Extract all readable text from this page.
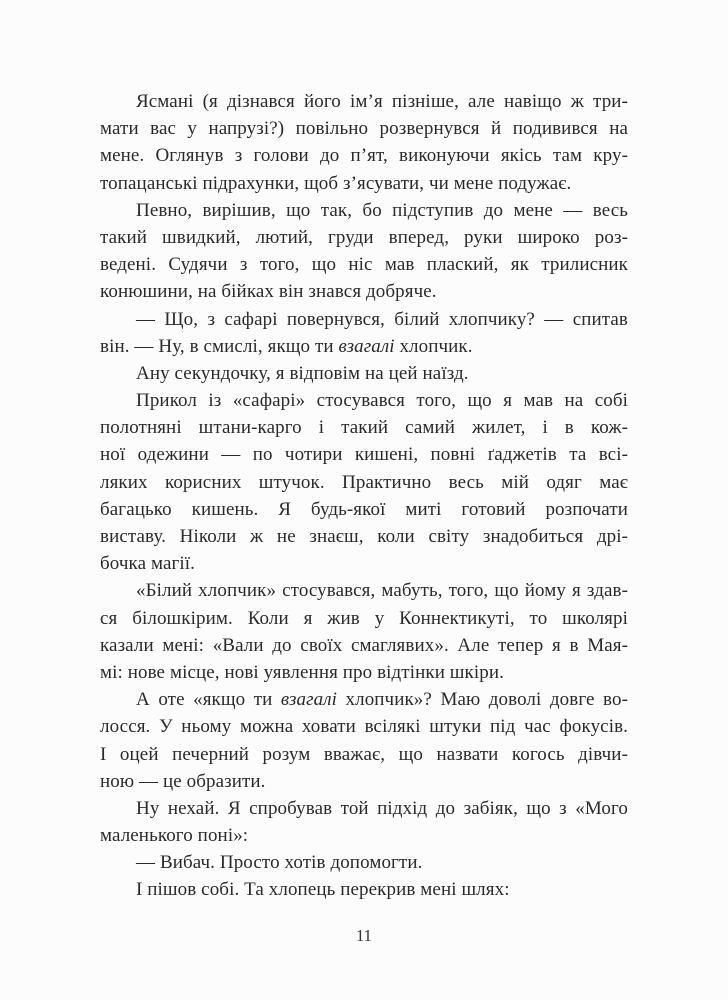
Ясмані (я дізнався його ім’я пізніше, але навіщо ж три-
мати вас у напрузі?) повільно розвернувся й подивився на
мене. Оглянув з голови до п’ят, виконуючи якісь там кру-
топацанські підрахунки, щоб з’ясувати, чи мене подужає.
Певно, вирішив, що так, бо підступив до мене — весь
такий швидкий, лютий, груди вперед, руки широко роз-
ведені. Судячи з того, що ніс мав плаский, як трилисник
конюшини, на бійках він знався добряче.
— Що, з сафарі повернувся, білий хлопчику? — спитав
він. — Ну, в смислі, якщо ти взагалі хлопчик.
Ану секундочку, я відповім на цей наїзд.
Прикол із «сафарі» стосувався того, що я мав на собі
полотняні штани-карго і такий самий жилет, і в кож-
ної одежини — по чотири кишені, повні ґаджетів та всі-
ляких корисних штучок. Практично весь мій одяг має
багацько кишень. Я будь-якої миті готовий розпочати
виставу. Ніколи ж не знаєш, коли світу знадобиться дрі-
бочка магії.
«Білий хлопчик» стосувався, мабуть, того, що йому я здав-
ся білошкірим. Коли я жив у Коннектикуті, то школярі
казали мені: «Вали до своїх смаглявих». Але тепер я в Мая-
мі: нове місце, нові уявлення про відтінки шкіри.
А оте «якщо ти взагалі хлопчик»? Маю доволі довге во-
лосся. У ньому можна ховати всілякі штуки під час фокусів.
І оцей печерний розум вважає, що назвати когось дівчи-
ною — це образити.
Ну нехай. Я спробував той підхід до забіяк, що з «Мого
маленького поні»:
— Вибач. Просто хотів допомогти.
І пішов собі. Та хлопець перекрив мені шлях:
11
